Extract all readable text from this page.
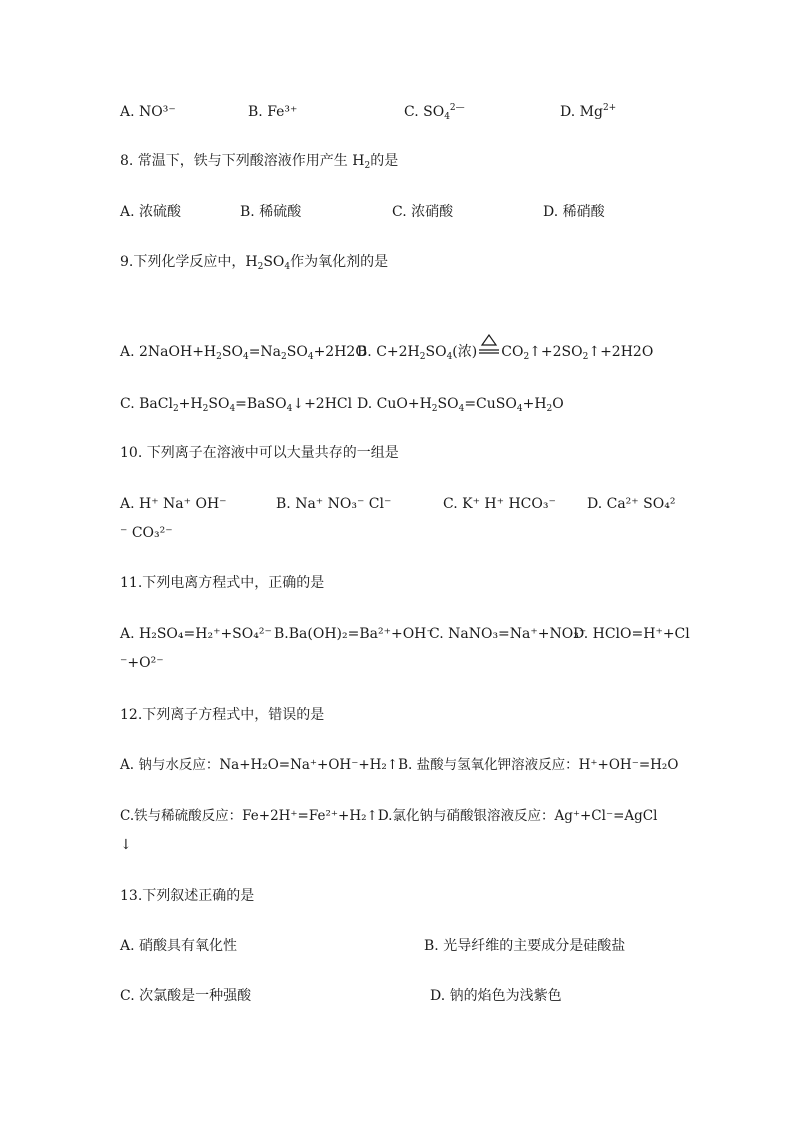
A. NO³⁻	B. Fe³⁺	C. $SO_4^{2—}$	D. $Mg^{2+}$
8. 常温下，铁与下列酸溶液作用产生 $H_2$的是
A. 浓硫酸	B. 稀硫酸	C. 浓硝酸	D. 稀硝酸
9.下列化学反应中，$H_2SO_4$作为氧化剂的是
A. $2NaOH+H_2SO_4=Na_2SO_4+2H2O$
B. $C+2H_2SO_4$(浓) $CO_2↑+2SO_2↑+2H2O$
C. $BaCl_2+H_2SO_4=BaSO_4↓+2HCl$ D. $CuO+H_2SO_4=CuSO_4+H_2O$
10. 下列离子在溶液中可以大量共存的一组是
A. H⁺ Na⁺ OH⁻	B. Na⁺ NO₃⁻ Cl⁻	C. K⁺ H⁺ HCO₃⁻ D. Ca²⁺ SO₄²
⁻ CO₃²⁻
11.下列电离方程式中，正确的是
A. H₂SO₄=H₂⁺+SO₄²⁻ B.Ba(OH)₂=Ba²⁺+OH⁻
C. NaNO₃=Na⁺+NO₃⁻
D. HClO=H⁺+Cl
⁻+O²⁻
12.下列离子方程式中，错误的是
A. 钠与水反应：Na+H₂O=Na⁺+OH⁻+H₂↑B. 盐酸与氢氧化钾溶液反应：H⁺+OH⁻=H₂O
C.铁与稀硫酸反应：Fe+2H⁺=Fe²⁺+H₂↑D.氯化钠与硝酸银溶液反应：Ag⁺+Cl⁻=AgCl
↓
13.下列叙述正确的是
A. 硝酸具有氧化性	B. 光导纤维的主要成分是硅酸盐
C. 次氯酸是一种强酸	D. 钠的焰色为浅紫色
